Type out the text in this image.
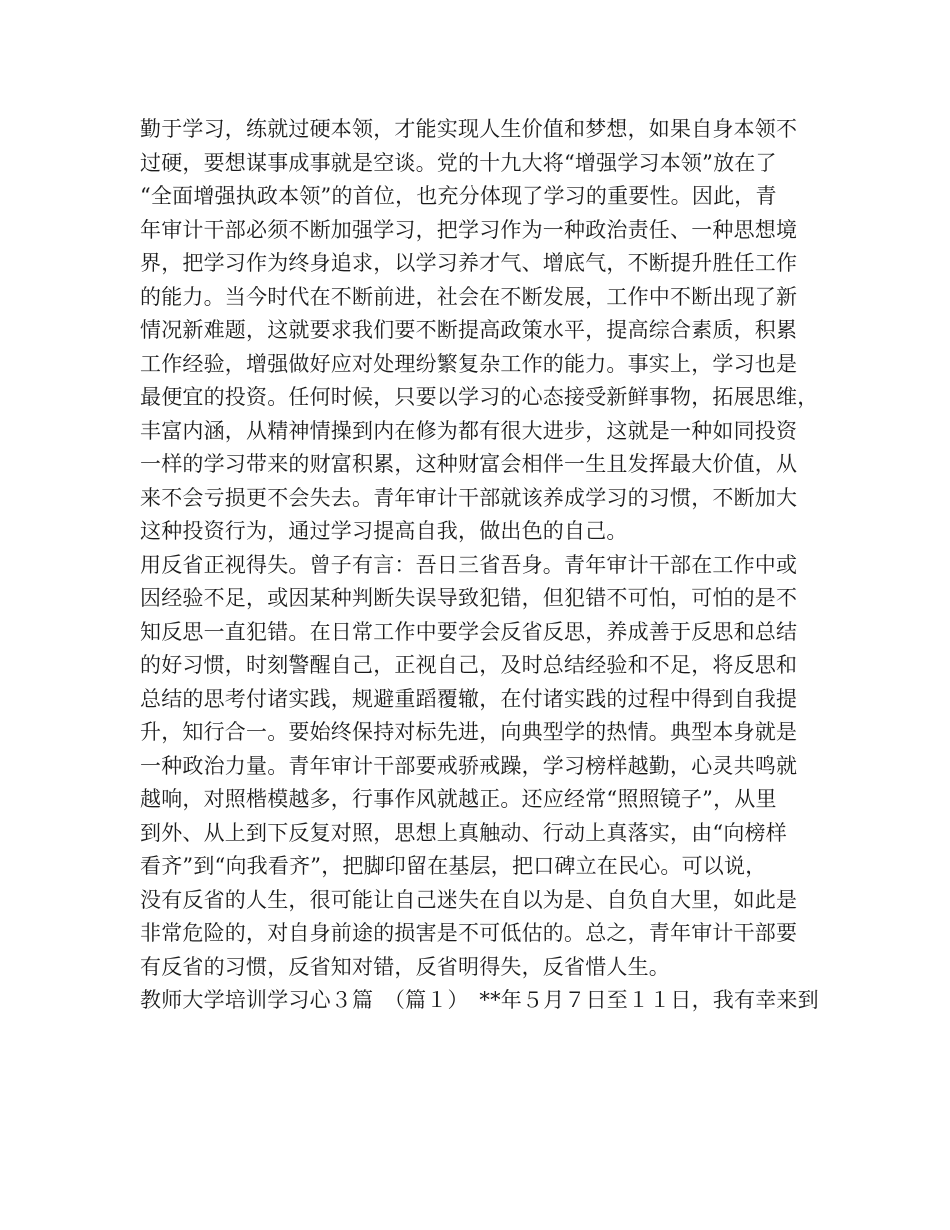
勤于学习，练就过硬本领，才能实现人生价值和梦想，如果自身本领不
过硬，要想谋事成事就是空谈。党的十九大将“增强学习本领”放在了
“全面增强执政本领”的首位，也充分体现了学习的重要性。因此，青
年审计干部必须不断加强学习，把学习作为一种政治责任、一种思想境
界，把学习作为终身追求，以学习养才气、增底气，不断提升胜任工作
的能力。当今时代在不断前进，社会在不断发展，工作中不断出现了新
情况新难题，这就要求我们要不断提高政策水平，提高综合素质，积累
工作经验，增强做好应对处理纷繁复杂工作的能力。事实上，学习也是
最便宜的投资。任何时候，只要以学习的心态接受新鲜事物，拓展思维，
丰富内涵，从精神情操到内在修为都有很大进步，这就是一种如同投资
一样的学习带来的财富积累，这种财富会相伴一生且发挥最大价值，从
来不会亏损更不会失去。青年审计干部就该养成学习的习惯，不断加大
这种投资行为，通过学习提高自我，做出色的自己。
用反省正视得失。曾子有言：吾日三省吾身。青年审计干部在工作中或
因经验不足，或因某种判断失误导致犯错，但犯错不可怕，可怕的是不
知反思一直犯错。在日常工作中要学会反省反思，养成善于反思和总结
的好习惯，时刻警醒自己，正视自己，及时总结经验和不足，将反思和
总结的思考付诸实践，规避重蹈覆辙，在付诸实践的过程中得到自我提
升，知行合一。要始终保持对标先进，向典型学的热情。典型本身就是
一种政治力量。青年审计干部要戒骄戒躁，学习榜样越勤，心灵共鸣就
越响，对照楷模越多，行事作风就越正。还应经常“照照镜子”，从里
到外、从上到下反复对照，思想上真触动、行动上真落实，由“向榜样
看齐”到“向我看齐”，把脚印留在基层，把口碑立在民心。可以说，
没有反省的人生，很可能让自己迷失在自以为是、自负自大里，如此是
非常危险的，对自身前途的损害是不可低估的。总之，青年审计干部要
有反省的习惯，反省知对错，反省明得失，反省惜人生。
教师大学培训学习心３篇　（篇１）　**年５月７日至１１日，我有幸来到
